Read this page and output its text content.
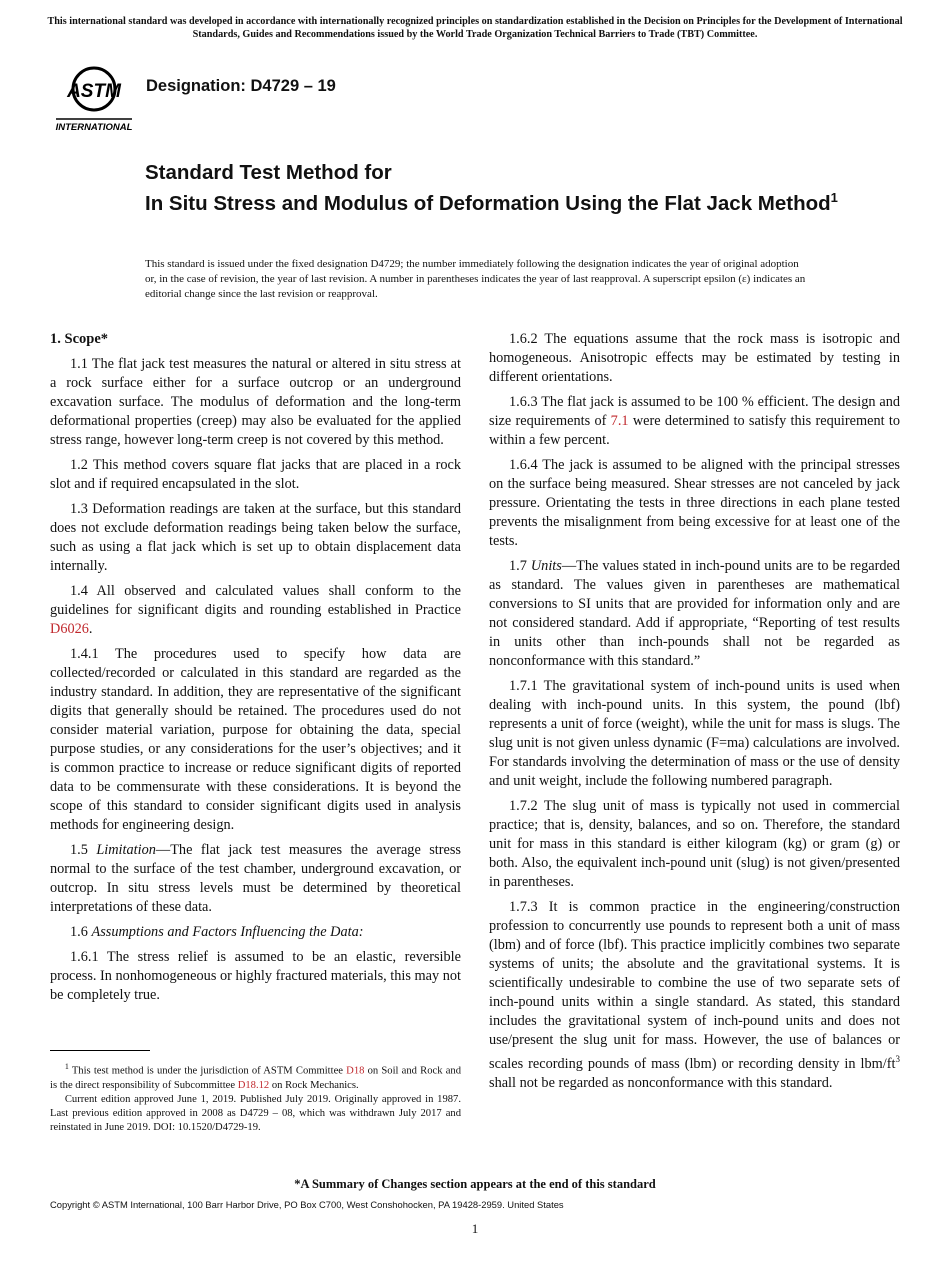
This international standard was developed in accordance with internationally recognized principles on standardization established in the Decision on Principles for the Development of International Standards, Guides and Recommendations issued by the World Trade Organization Technical Barriers to Trade (TBT) Committee.
ASTM
INTERNATIONAL
Designation: D4729 – 19
Standard Test Method for
In Situ Stress and Modulus of Deformation Using the Flat Jack Method$^1$
This standard is issued under the fixed designation D4729; the number immediately following the designation indicates the year of original adoption or, in the case of revision, the year of last revision. A number in parentheses indicates the year of last reapproval. A superscript epsilon (ε) indicates an editorial change since the last revision or reapproval.
1. Scope*

1.1 The flat jack test measures the natural or altered in situ stress at a rock surface either for a surface outcrop or an underground excavation surface. The modulus of deformation and the long-term deformational properties (creep) may also be evaluated for the applied stress range, however long-term creep is not covered by this method.

1.2 This method covers square flat jacks that are placed in a rock slot and if required encapsulated in the slot.

1.3 Deformation readings are taken at the surface, but this standard does not exclude deformation readings being taken below the surface, such as using a flat jack which is set up to obtain displacement data internally.

1.4 All observed and calculated values shall conform to the guidelines for significant digits and rounding established in Practice D6026.

1.4.1 The procedures used to specify how data are collected/recorded or calculated in this standard are regarded as the industry standard. In addition, they are representative of the significant digits that generally should be retained. The procedures used do not consider material variation, purpose for obtaining the data, special purpose studies, or any considerations for the user’s objectives; and it is common practice to increase or reduce significant digits of reported data to be commensurate with these considerations. It is beyond the scope of this standard to consider significant digits used in analysis methods for engineering design.

1.5 Limitation—The flat jack test measures the average stress normal to the surface of the test chamber, underground excavation, or outcrop. In situ stress levels must be determined by theoretical interpretations of these data.

1.6 Assumptions and Factors Influencing the Data:

1.6.1 The stress relief is assumed to be an elastic, reversible process. In nonhomogeneous or highly fractured materials, this may not be completely true.

1.6.2 The equations assume that the rock mass is isotropic and homogeneous. Anisotropic effects may be estimated by testing in different orientations.

1.6.3 The flat jack is assumed to be 100 % efficient. The design and size requirements of 7.1 were determined to satisfy this requirement to within a few percent.

1.6.4 The jack is assumed to be aligned with the principal stresses on the surface being measured. Shear stresses are not canceled by jack pressure. Orientating the tests in three directions in each plane tested prevents the misalignment from being excessive for at least one of the tests.

1.7 Units—The values stated in inch-pound units are to be regarded as standard. The values given in parentheses are mathematical conversions to SI units that are provided for information only and are not considered standard. Add if appropriate, “Reporting of test results in units other than inch-pounds shall not be regarded as nonconformance with this standard.”

1.7.1 The gravitational system of inch-pound units is used when dealing with inch-pound units. In this system, the pound (lbf) represents a unit of force (weight), while the unit for mass is slugs. The slug unit is not given unless dynamic (F=ma) calculations are involved. For standards involving the determination of mass or the use of density and unit weight, include the following numbered paragraph.

1.7.2 The slug unit of mass is typically not used in commercial practice; that is, density, balances, and so on. Therefore, the standard unit for mass in this standard is either kilogram (kg) or gram (g) or both. Also, the equivalent inch-pound unit (slug) is not given/presented in parentheses.

1.7.3 It is common practice in the engineering/construction profession to concurrently use pounds to represent both a unit of mass (lbm) and of force (lbf). This practice implicitly combines two separate systems of units; the absolute and the gravitational systems. It is scientifically undesirable to combine the use of two separate sets of inch-pound units within a single standard. As stated, this standard includes the gravitational system of inch-pound units and does not use/present the slug unit for mass. However, the use of balances or scales recording pounds of mass (lbm) or recording density in lbm/$ft^3$ shall not be regarded as nonconformance with this standard.

$^1$ This test method is under the jurisdiction of ASTM Committee D18 on Soil and Rock and is the direct responsibility of Subcommittee D18.12 on Rock Mechanics.

Current edition approved June 1, 2019. Published July 2019. Originally approved in 1987. Last previous edition approved in 2008 as D4729 – 08, which was withdrawn July 2017 and reinstated in June 2019. DOI: 10.1520/D4729-19.

*A Summary of Changes section appears at the end of this standard
Copyright © ASTM International, 100 Barr Harbor Drive, PO Box C700, West Conshohocken, PA 19428-2959. United States
1
